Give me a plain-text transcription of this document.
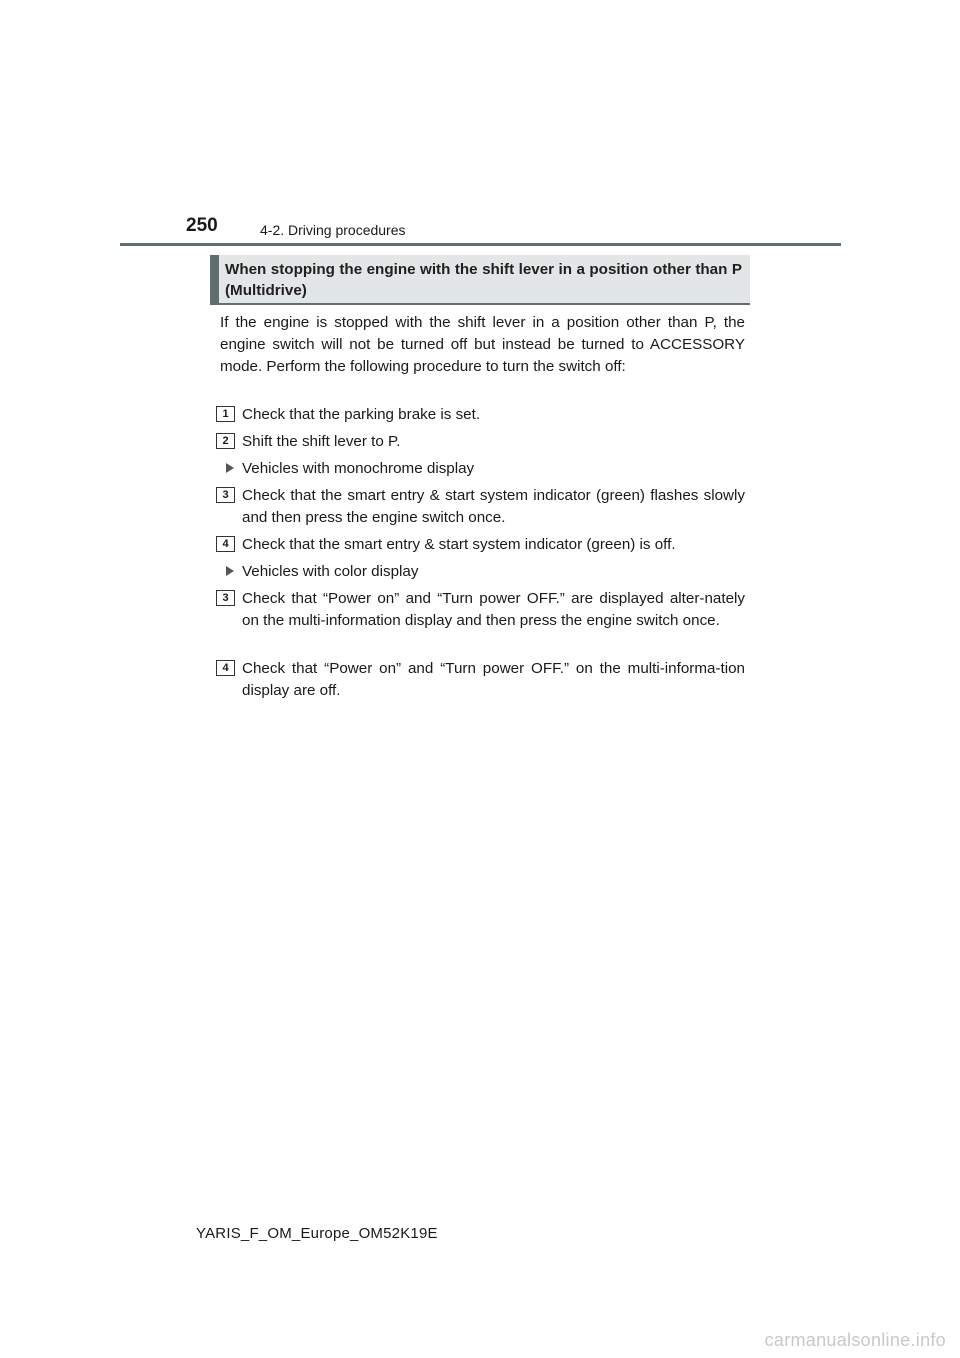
250	4-2. Driving procedures
When stopping the engine with the shift lever in a position other than P (Multidrive)
If the engine is stopped with the shift lever in a position other than P, the engine switch will not be turned off but instead be turned to ACCESSORY mode. Perform the following procedure to turn the switch off:
1 Check that the parking brake is set.
2 Shift the shift lever to P.
Vehicles with monochrome display
3 Check that the smart entry & start system indicator (green) flashes slowly and then press the engine switch once.
4 Check that the smart entry & start system indicator (green) is off.
Vehicles with color display
3 Check that “Power on” and “Turn power OFF.” are displayed alter-nately on the multi-information display and then press the engine switch once.
4 Check that “Power on” and “Turn power OFF.” on the multi-informa-tion display are off.
YARIS_F_OM_Europe_OM52K19E
carmanualsonline.info
